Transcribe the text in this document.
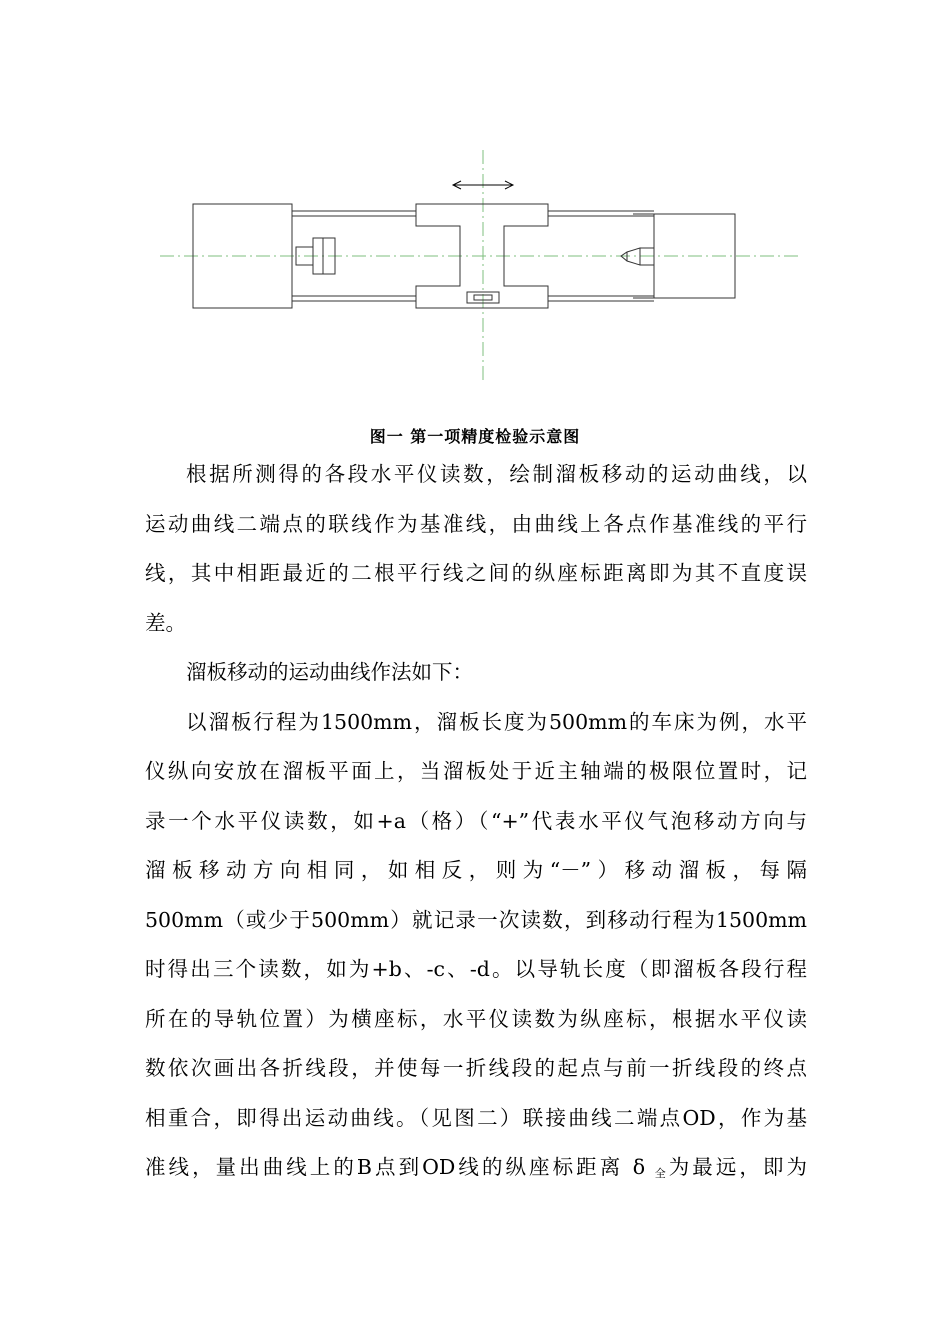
图一 第一项精度检验示意图

根据所测得的各段水平仪读数，绘制溜板移动的运动曲线，以
运动曲线二端点的联线作为基准线，由曲线上各点作基准线的平行
线，其中相距最近的二根平行线之间的纵座标距离即为其不直度误
差。

溜板移动的运动曲线作法如下：

以溜板行程为1500mm，溜板长度为500mm的车床为例，水平
仪纵向安放在溜板平面上，当溜板处于近主轴端的极限位置时，记
录一个水平仪读数，如+a（格）（“+”代表水平仪气泡移动方向与
溜板移动方向相同，如相反，则为“－”）移动溜板，每隔
500mm（或少于500mm）就记录一次读数，到移动行程为1500mm
时得出三个读数，如为+b、-c、-d。以导轨长度（即溜板各段行程
所在的导轨位置）为横座标，水平仪读数为纵座标，根据水平仪读
数依次画出各折线段，并使每一折线段的起点与前一折线段的终点
相重合，即得出运动曲线。（见图二）联接曲线二端点OD，作为基
准线，量出曲线上的B点到OD线的纵座标距离 δ $_全$为最远，即为
